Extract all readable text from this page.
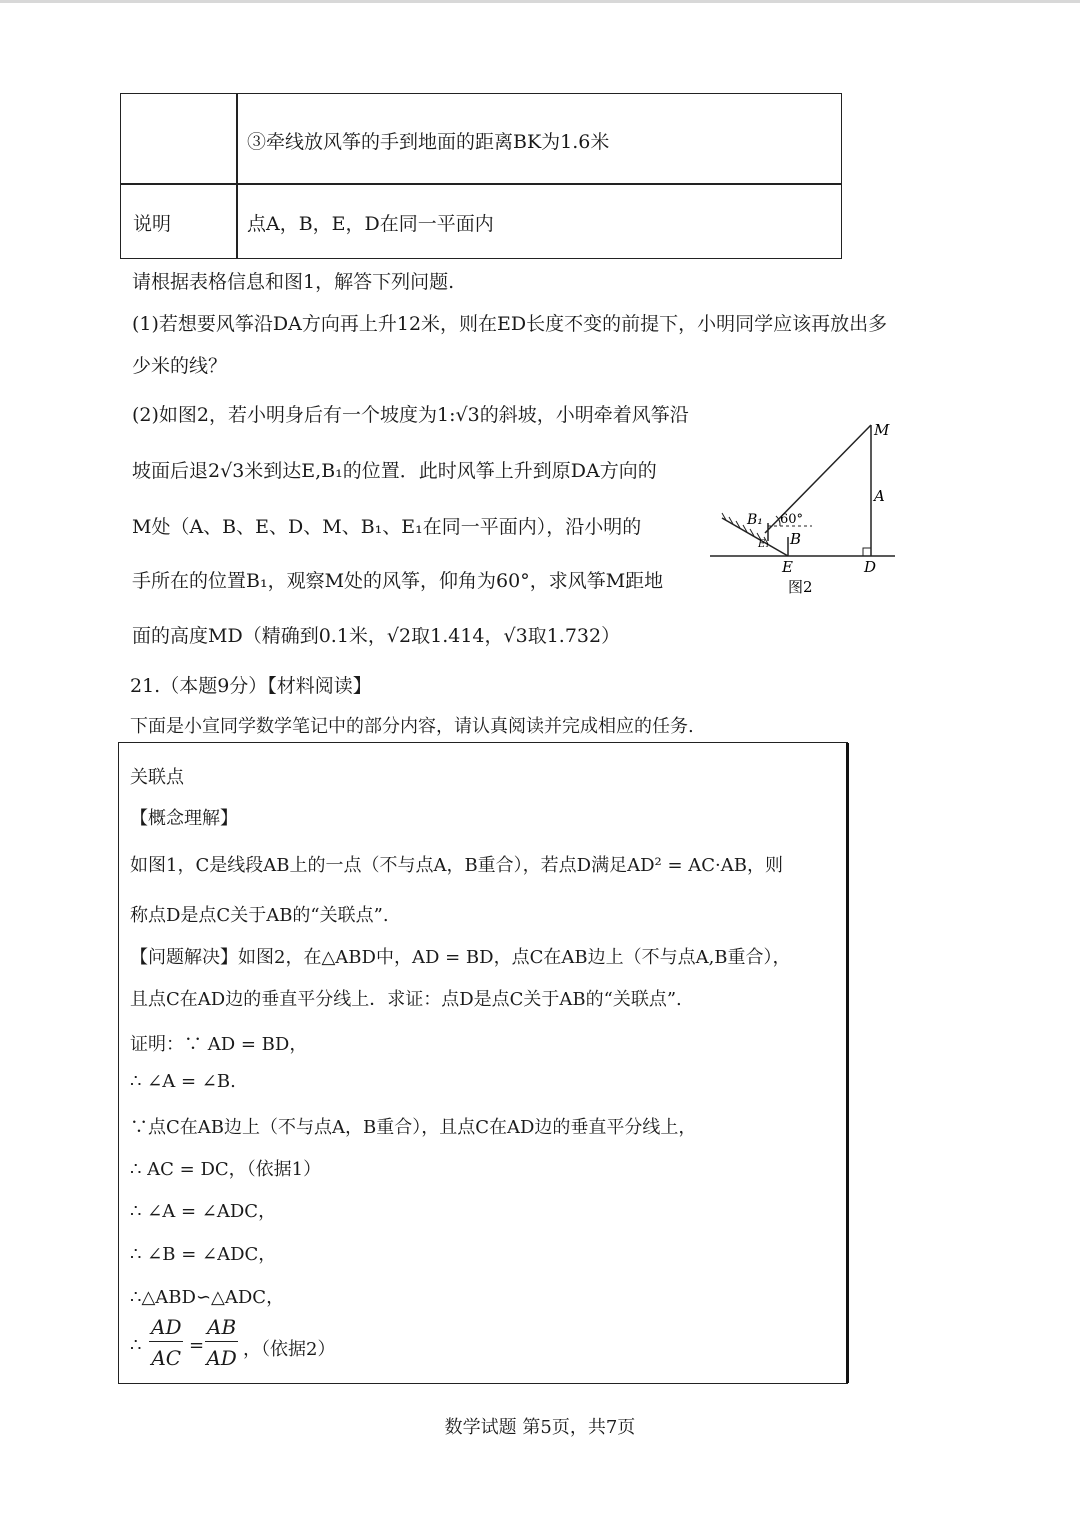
③牵线放风筝的手到地面的距离BK为1.6米
说明	点A，B，E，D在同一平面内
请根据表格信息和图1，解答下列问题.
(1)若想要风筝沿DA方向再上升12米，则在ED长度不变的前提下，小明同学应该再放出多
少米的线？
(2)如图2，若小明身后有一个坡度为1:√3的斜坡，小明牵着风筝沿
坡面后退2√3米到达E,B₁的位置．此时风筝上升到原DA方向的
M处（A、B、E、D、M、B₁、E₁在同一平面内），沿小明的
手所在的位置B₁，观察M处的风筝，仰角为60°，求风筝M距地
面的高度MD（精确到0.1米，√2取1.414，√3取1.732）
M
A
B₁ 60°
B
E₁
E	D
图2
21.（本题9分）【材料阅读】
下面是小宣同学数学笔记中的部分内容，请认真阅读并完成相应的任务.
关联点
【概念理解】
如图1，C是线段AB上的一点（不与点A，B重合），若点D满足AD² = AC·AB，则
称点D是点C关于AB的“关联点”.
【问题解决】如图2，在△ABD中，AD = BD，点C在AB边上（不与点A,B重合），
且点C在AD边的垂直平分线上．求证：点D是点C关于AB的“关联点”.
证明：∵ AD = BD，
∴ ∠A = ∠B.
∵点C在AB边上（不与点A，B重合），且点C在AD边的垂直平分线上，
∴ AC = DC，（依据1）
∴ ∠A = ∠ADC，
∴ ∠B = ∠ADC，
∴△ABD∽△ADC，
∴ $\frac{AD}{AC} = \frac{AB}{AD}$ ，（依据2）
数学试题 第5页，共7页
